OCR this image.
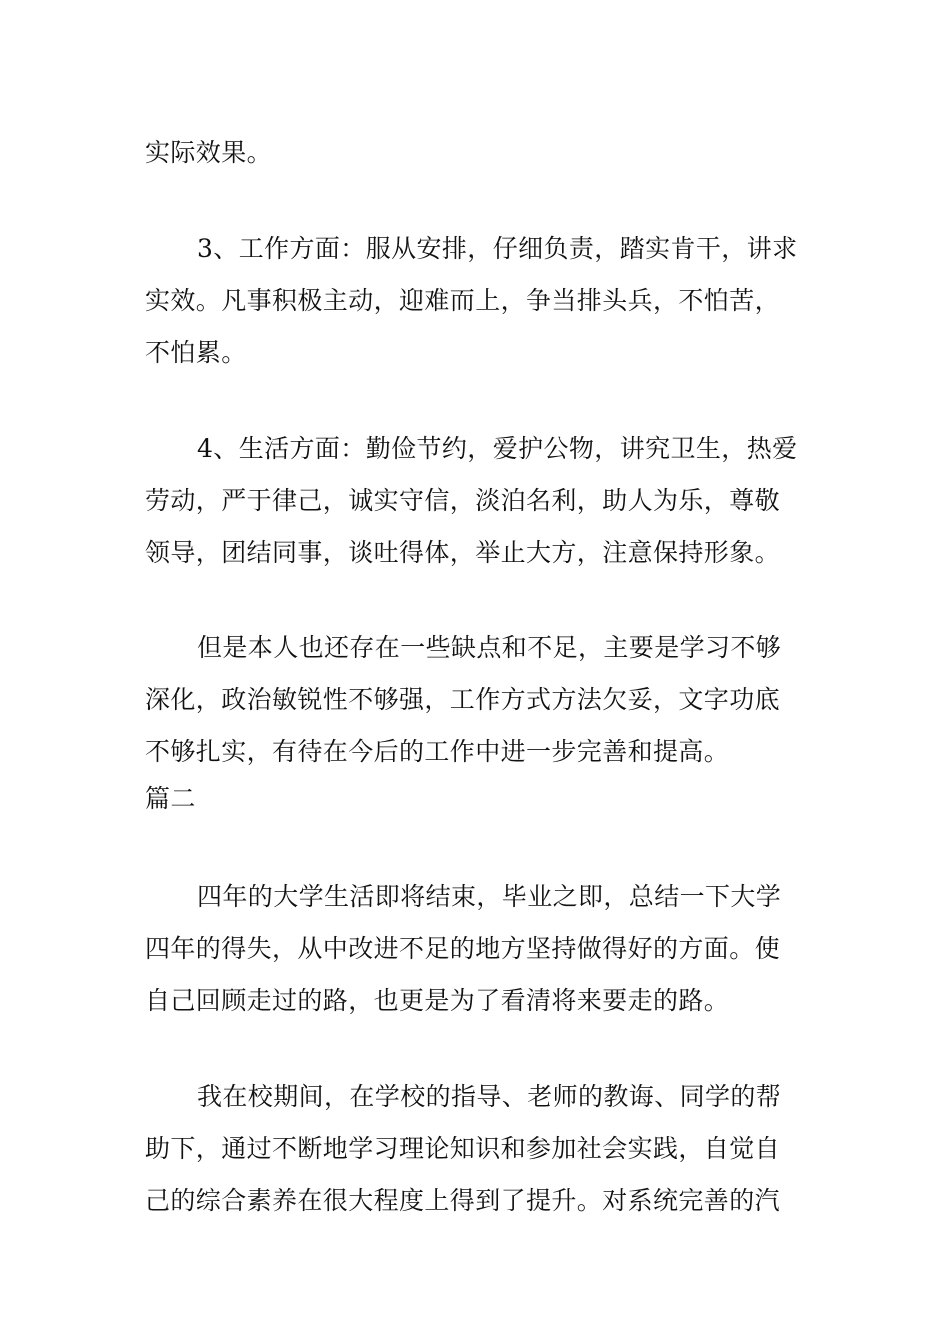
实际效果。
3、工作方面：服从安排，仔细负责，踏实肯干，讲求
实效。凡事积极主动，迎难而上，争当排头兵，不怕苦，
不怕累。
4、生活方面：勤俭节约，爱护公物，讲究卫生，热爱
劳动，严于律己，诚实守信，淡泊名利，助人为乐，尊敬
领导，团结同事，谈吐得体，举止大方，注意保持形象。
但是本人也还存在一些缺点和不足，主要是学习不够
深化，政治敏锐性不够强，工作方式方法欠妥，文字功底
不够扎实，有待在今后的工作中进一步完善和提高。
篇二
四年的大学生活即将结束，毕业之即，总结一下大学
四年的得失，从中改进不足的地方坚持做得好的方面。使
自己回顾走过的路，也更是为了看清将来要走的路。
我在校期间，在学校的指导、老师的教诲、同学的帮
助下，通过不断地学习理论知识和参加社会实践，自觉自
己的综合素养在很大程度上得到了提升。对系统完善的汽
